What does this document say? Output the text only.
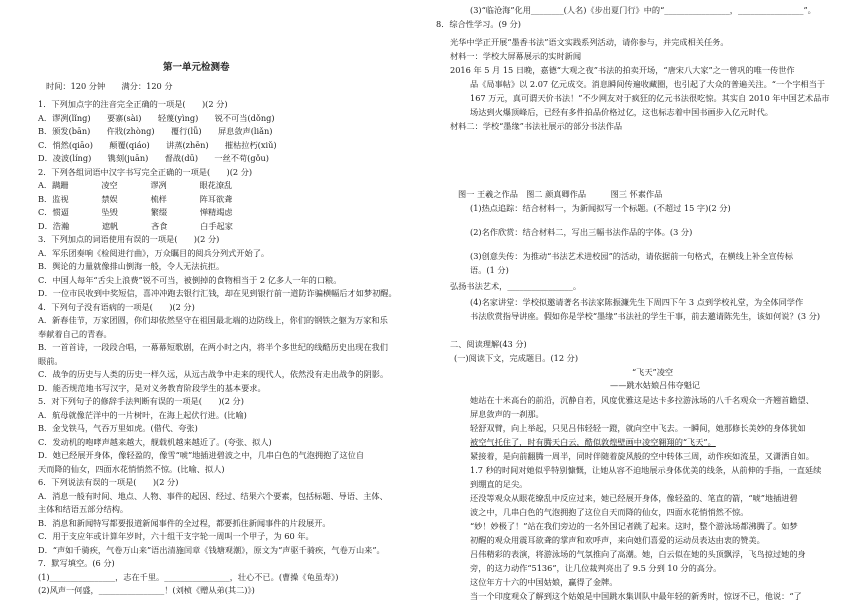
第一单元检测卷
时间：120 分钟　　满分：120 分
1．下列加点字的注音完全正确的一项是(　　)(2 分)
A．谬冽(lǐng)　　要寨(sài)　　轻蔑(yìng)　　锐不可当(dǒng)
B．颁发(bān)　　仵戕(zhòng)　　覆行(lǚ)　　屏息敛声(liǎn)
C．悄然(qiāo)　　颠覆(qiáo)　　讲蒸(zhēn)　　摧枯拉朽(xiǔ)
D．凌波(líng)　　镌刻(juān)　　督战(dū)　　一丝不苟(gǒu)
2．下列各组词语中汉字书写完全正确的一项是(　　)(2 分)
A．蹒跚　　　　凌空　　　　谬冽　　　　眼花潦乱
B．监视　　　　禁娱　　　　梳样　　　　阵耳欲聋
C．惯逼　　　　坠毁　　　　繁缀　　　　惮精竭虑
D．浩瀚　　　　遮帆　　　　吝食　　　　白手起家
3．下列加点的词语使用有误的一项是(　　)(2 分)
A．军乐团奏响《检阅进行曲》，万众瞩目的阅兵分列式开始了。
B．舆论的力量就像排山倒海一般，令人无法抗拒。
C．中国人每年“舌尖上浪费”锐不可当，被倒掉的食物相当于 2 亿多人一年的口粮。
D．一位市民收到中奖短信，喜冲冲跑去银行汇钱，却在见到银行前一道防诈骗横幅后才如梦初醒。
4．下列句子没有语病的一项是(　　)(2 分)
A．新春佳节，万家团圆，你们却依然坚守在祖国最北端的边防线上，你们的钢铁之躯为万家和乐
奉献着自己的青春。
B．一首首诗，一段段合唱，一幕幕短歌剧，在两小时之内，将半个多世纪的线酷历史出现在我们
眼前。
C．战争的历史与人类的历史一样久远，从远古战争中走来的现代人，依然没有走出战争的阴影。
D．能否规范地书写汉字，是对义务教育阶段学生的基本要求。
5．对下列句子的修辞手法判断有误的一项是(　　)(2 分)
A．航母就像茫洋中的一片树叶，在海上起伏行进。(比喻)
B．金戈铁马，气吞万里如虎。(借代、夸张)
C．发动机的咆哮声越来越大，舰载机越来越近了。(夸张、拟人)
D．她已经展开身体，像轻盈的，像雪“唬”地插进碧波之中，几串白色的气泡拥抱了这位自
天而降的仙女，四面水花悄悄然不惊。(比喻、拟人)
6．下列说法有误的一项是(　　)(2 分)
A．消息一般有时间、地点、人物、事件的起因、经过、结果六个要素，包括标题、导语、主体、
主体和结语五部分结构。
B．消息和新闻特写都要报道新闻事件的全过程，都要抓住新闻事件的片段展开。
C．用于支应年或计算年岁时，六十组干支字轮一周叫一个甲子，为 60 年。
D．“声如千骑疾，气卷万山来”语出清施闰章《钱塘观潮》，原文为“声驱千骑疾，气卷万山来”。
7．默写填空。(6 分)
(1)________________，志在千里。________________，壮心不已。(曹操《龟虽寿》)
(2)风声一何盛，________________！(刘桢《赠从弟(其二)》)
(3)“临沧海”化用________(人名)《步出夏门行》中的“________________，________________”。
8．综合性学习。(9 分)
光华中学正开展“墨香书法”语文实践系列活动，请你参与，并完成相关任务。
材料一：学校大屏幕展示的实时新闻
2016 年 5 月 15 日晚，嘉德“大观之夜”书法的拍卖开场，“唐宋八大家”之一曾巩的唯一传世作
品《局事帖》以 2.07 亿元成交。消息瞬间传遍收藏圈，也引起了大众的普遍关注。“一个字相当于
167 万元，真可谓天价书法！”不少网友对于疯狂的亿元书法很吃惊。其实自 2010 年中国艺术品市
场达到火爆顶峰后，已经有多件拍品价格过亿，这也标志着中国书画步入亿元时代。
材料二：学校“墨缘”书法社展示的部分书法作品
图一 王羲之作品　图二 颜真卿作品　　　图三 怀素作品
(1)热点追踪：结合材料一，为新闻拟写一个标题。(不超过 15 字)(2 分)
(2)名作欣赏：结合材料二，写出三幅书法作品的字体。(3 分)
(3)创意失传：为推动“书法艺术进校园”的活动，请依据前一句格式，在横线上补全宣传标
语。(1 分)
弘扬书法艺术，________________。
(4)名家讲堂：学校拟邀请著名书法家陈振濂先生下周四下午 3 点到学校礼堂，为全体同学作
书法欣赏指导讲座。假如你是学校“墨缘”书法社的学生干事，前去邀请陈先生，该如何说？(3 分)
二、阅读理解(43 分)
(一)阅读下文，完成题目。(12 分)
“飞天”凌空
——跳水姑娘吕伟夺魁记
她站在十米高台的前沿，沉静自若，风度优雅这是达卡多拉游泳场的八千名观众一齐翘首瞻望、
屏息敛声的一刹那。
轻舒双臂，向上举起，只见吕伟轻轻一蹬，就向空中飞去。一瞬间，她那修长美妙的身体犹如
被空气托住了，时有腾天白云，酷似敦煌壁画中凌空翱翔的“飞天”。
紧接着，是向前翻腾一周半，同时伴随着旋风般的空中转体三周，动作疾如流星，又潇洒自如。
1.7 秒的时间对她似乎特别慷慨，让她从容不迫地展示身体优美的线条，从前伸的手指，一直延续
到绷直的足尖。
还没等观众从眼花缭乱中反应过来，她已经展开身体，像轻盈的、笔直的箭，“唬”地插进碧
波之中，几串白色的气泡拥抱了这位自天而降的仙女，四面水花悄悄然不惊。
“妙！妙极了！”站在我们旁边的一名外国记者跳了起来。这时，整个游泳场都沸腾了。如梦
初醒的观众用震耳欲聋的掌声和欢呼声，来向她们喜爱的运动员表达由衷的赞美。
吕伟精彩的表演，将游泳场的气氛推向了高潮。她，白云似在她的头顶飘浮，飞鸟掠过她的身
旁，的这力动作“5136”，让几位裁判亮出了 9.5 分到 10 分的高分。
这位年方十六的中国姑娘，赢得了金牌。
当一个印度观众了解到这个姑娘是中国跳水集训队中最年轻的新秀时，惊讶不已，他说：“了
